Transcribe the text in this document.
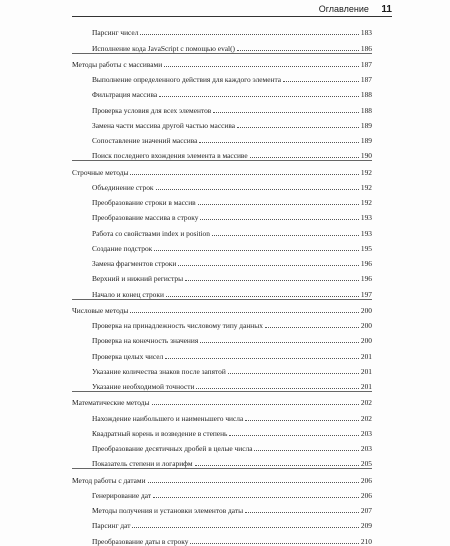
Оглавление 11
Парсинг чисел	183
Исполнение кода JavaScript с помощью eval()	186
Методы работы с массивами	187
Выполнение определенного действия для каждого элемента	187
Фильтрация массива	188
Проверка условия для всех элементов	188
Замена части массива другой частью массива	189
Сопоставление значений массива	189
Поиск последнего вхождения элемента в массиве	190
Строчные методы	192
Объединение строк	192
Преобразование строки в массив	192
Преобразование массива в строку	193
Работа со свойствами index и position	193
Создание подстрок	195
Замена фрагментов строки	196
Верхний и нижний регистры	196
Начало и конец строки	197
Числовые методы	200
Проверка на принадлежность числовому типу данных	200
Проверка на конечность значения	200
Проверка целых чисел	201
Указание количества знаков после запятой	201
Указание необходимой точности	201
Математические методы	202
Нахождение наибольшего и наименьшего числа	202
Квадратный корень и возведение в степень	203
Преобразование десятичных дробей в целые числа	203
Показатель степени и логарифм	205
Метод работы с датами	206
Генерирование дат	206
Методы получения и установки элементов даты	207
Парсинг дат	209
Преобразование даты в строку	210
